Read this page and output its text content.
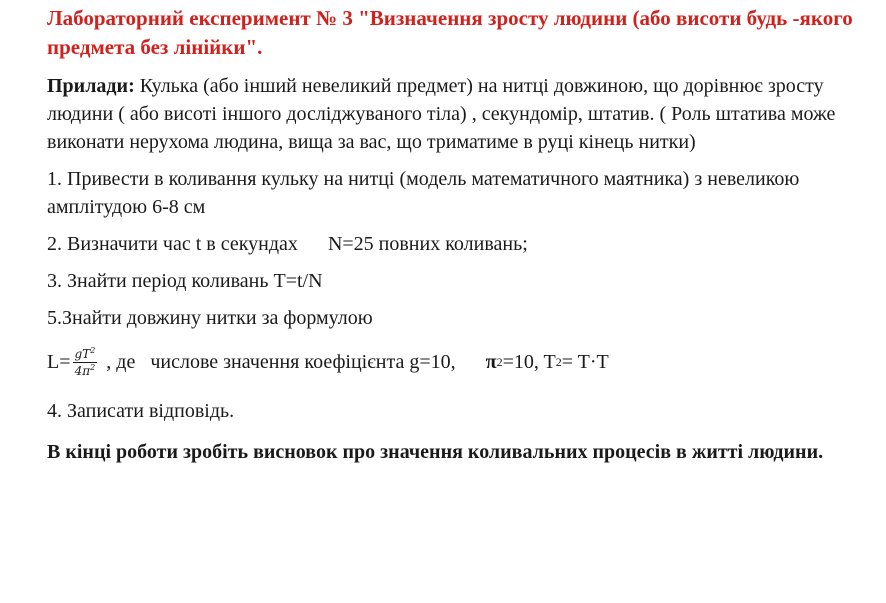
Лабораторний експеримент № 3 "Визначення зросту людини (або висоти будь -якого предмета без лінійки".

Прилади: Кулька (або інший невеликий предмет) на нитці довжиною, що дорівнює зросту людини ( або висоті іншого досліджуваного тіла) , секундомір, штатив. ( Роль штатива може виконати нерухома людина, вища за вас, що триматиме в руці кінець нитки)

1. Привести в коливання кульку на нитці (модель математичного маятника) з невеликою амплітудою 6-8 см

2. Визначити час t в секундах N=25 повних коливань;

3. Знайти період коливань T=t/N

5.Знайти довжину нитки за формулою

$L= \frac{gT^2}{4\pi^2}$ , де   числове значення коефіцієнта g=10, π 2 =10, T 2 = T·T

4. Записати відповідь.

В кінці роботи зробіть висновок про значення коливальних процесів в житті людини.
